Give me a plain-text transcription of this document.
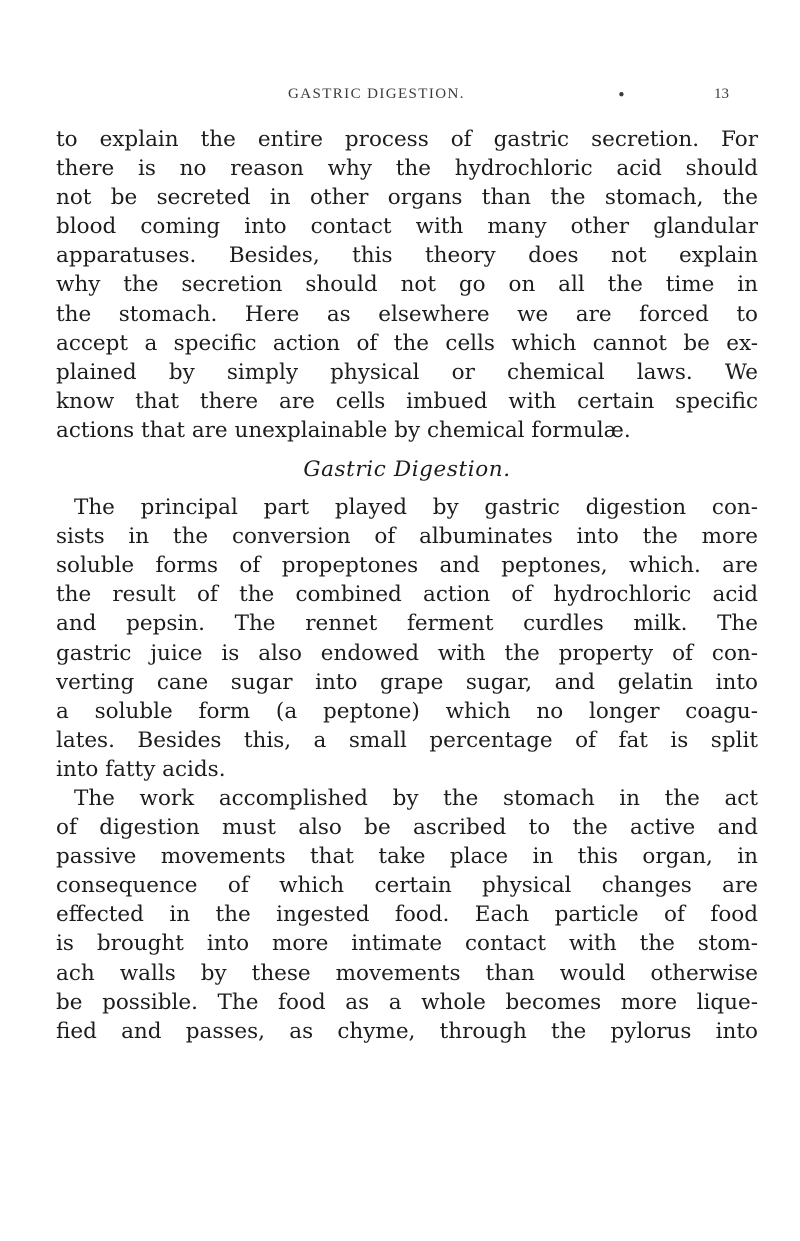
GASTRIC DIGESTION.	•	13
to explain the entire process of gastric secretion. For
there is no reason why the hydrochloric acid should
not be secreted in other organs than the stomach, the
blood coming into contact with many other glandular
apparatuses. Besides, this theory does not explain
why the secretion should not go on all the time in
the stomach. Here as elsewhere we are forced to
accept a specific action of the cells which cannot be ex-
plained by simply physical or chemical laws. We
know that there are cells imbued with certain specific
actions that are unexplainable by chemical formulæ.
Gastric Digestion.
The principal part played by gastric digestion con-
sists in the conversion of albuminates into the more
soluble forms of propeptones and peptones, which. are
the result of the combined action of hydrochloric acid
and pepsin. The rennet ferment curdles milk. The
gastric juice is also endowed with the property of con-
verting cane sugar into grape sugar, and gelatin into
a soluble form (a peptone) which no longer coagu-
lates. Besides this, a small percentage of fat is split
into fatty acids.
The work accomplished by the stomach in the act
of digestion must also be ascribed to the active and
passive movements that take place in this organ, in
consequence of which certain physical changes are
effected in the ingested food. Each particle of food
is brought into more intimate contact with the stom-
ach walls by these movements than would otherwise
be possible. The food as a whole becomes more lique-
fied and passes, as chyme, through the pylorus into
